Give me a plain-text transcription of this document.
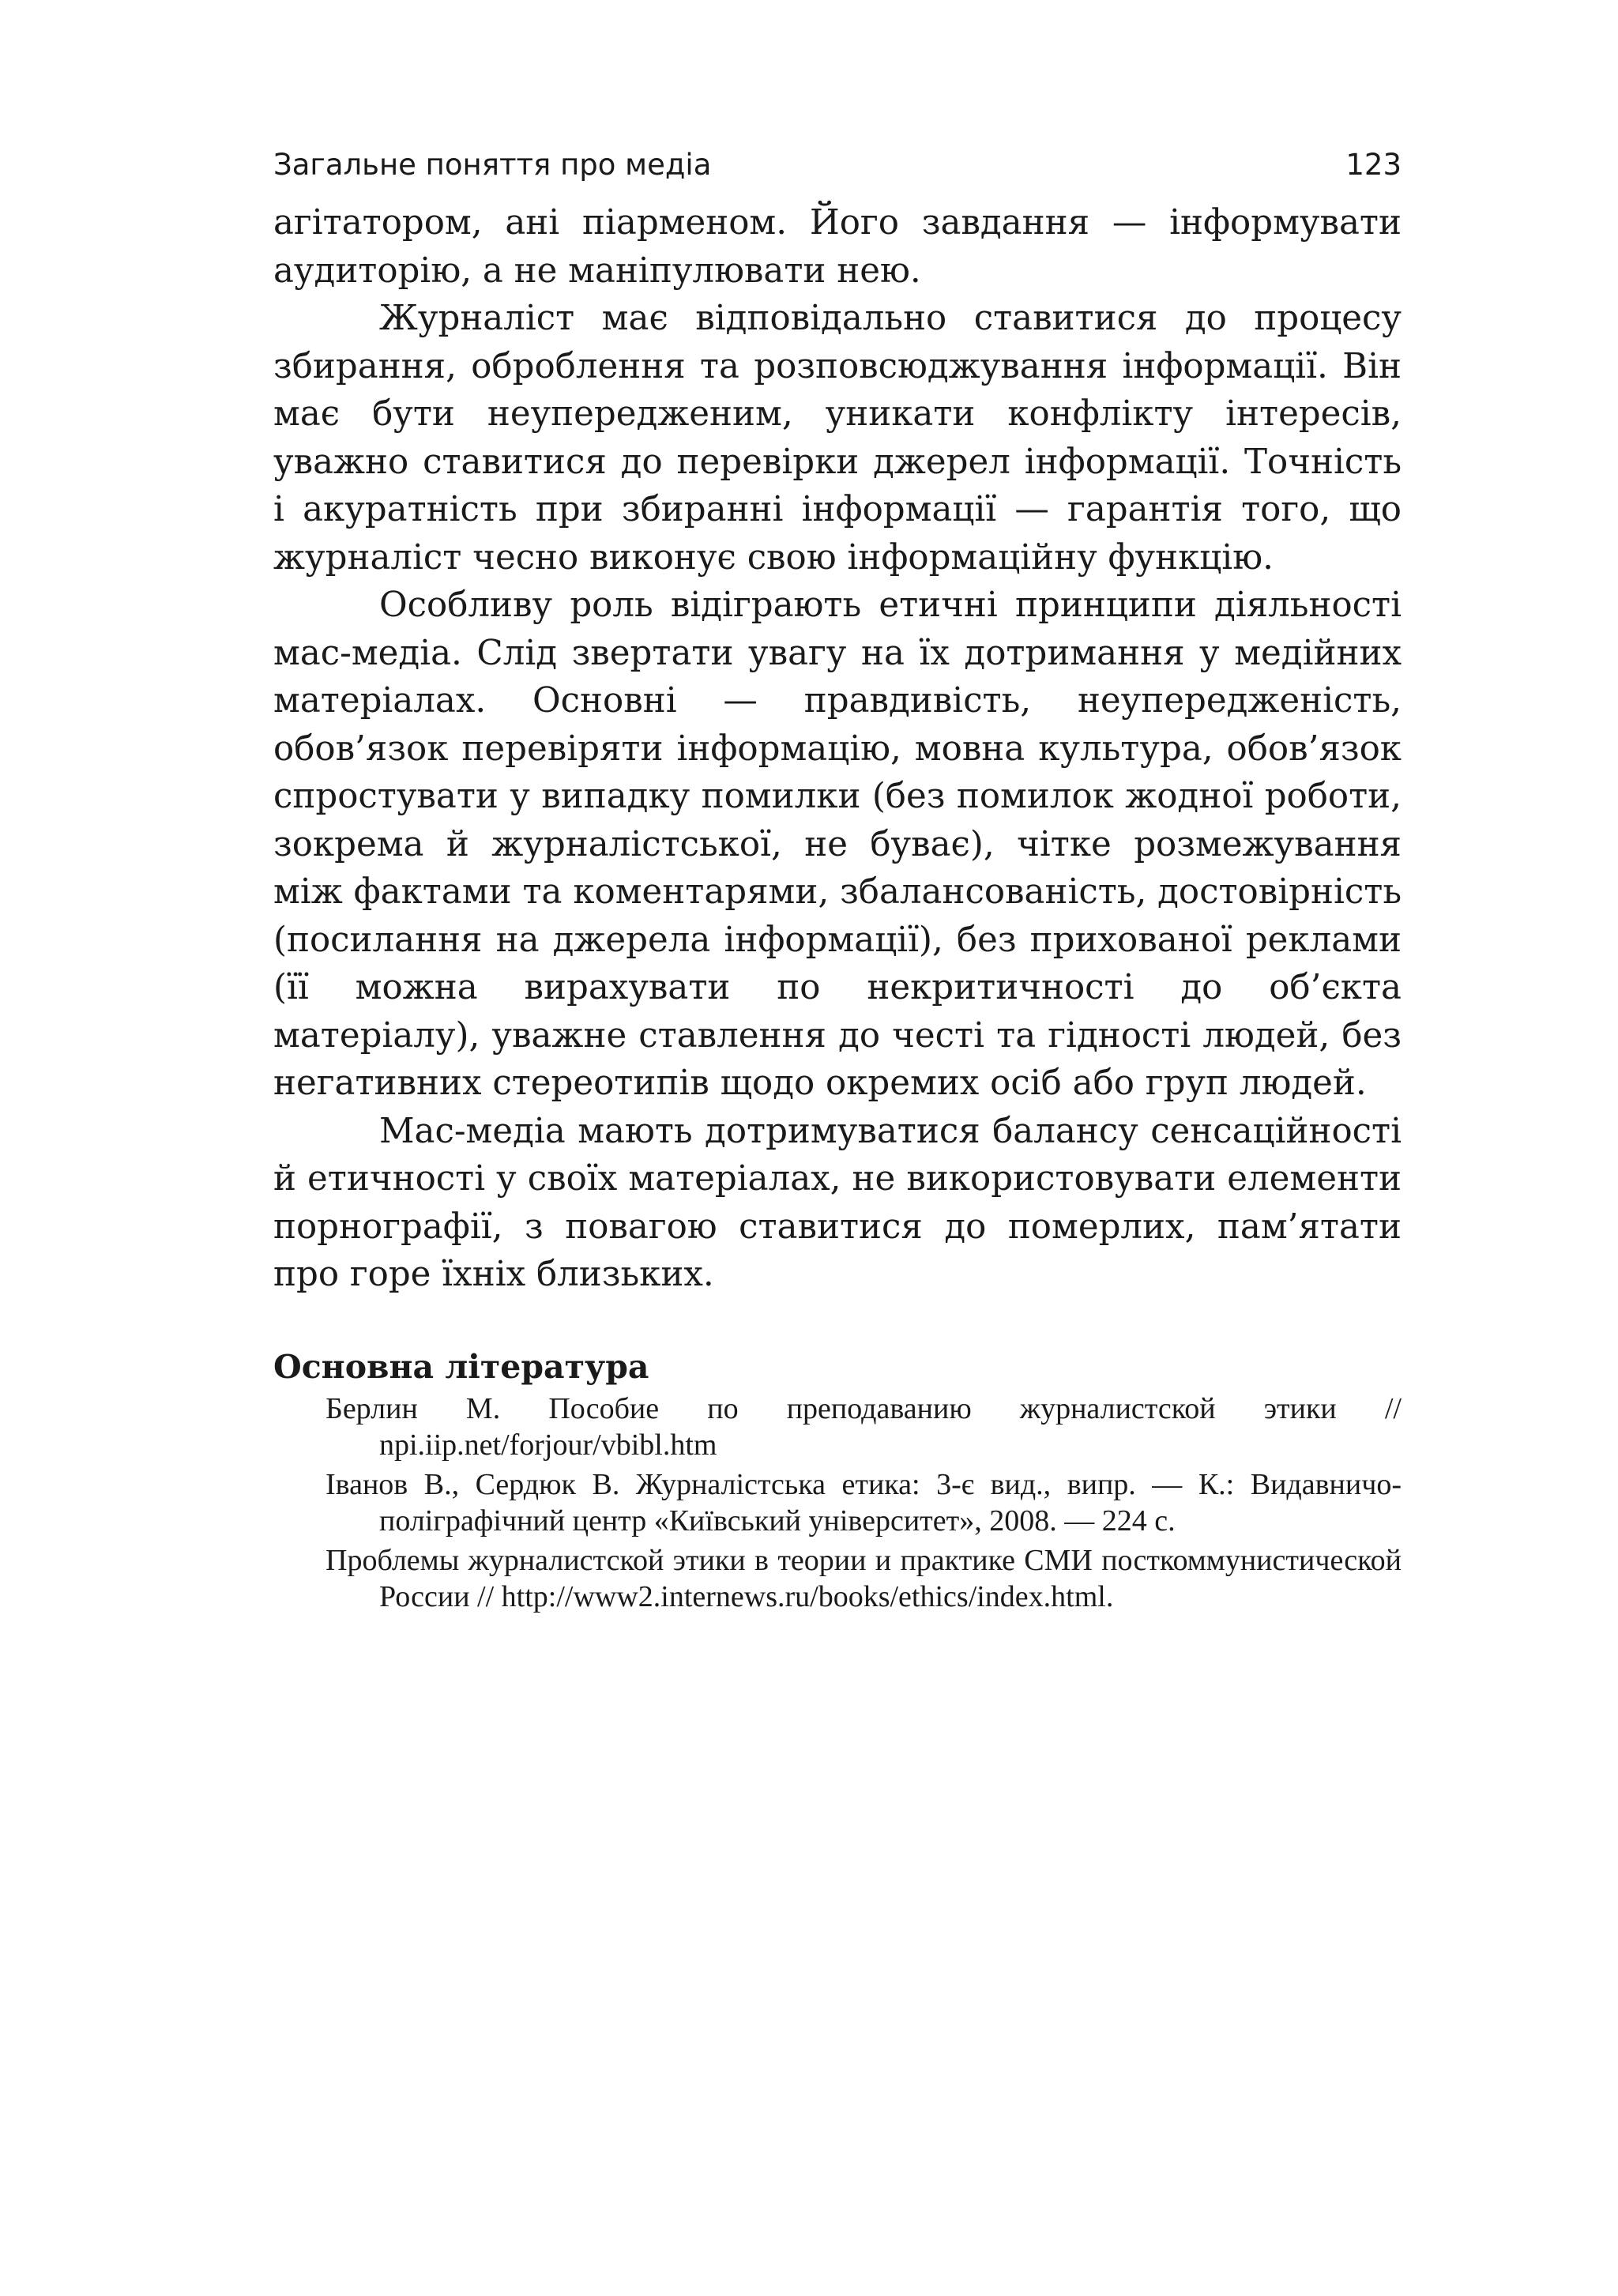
Загальне поняття про медіа	123

агітатором, ані піарменом. Його завдання — інформувати аудиторію, а не маніпулювати нею.

Журналіст має відповідально ставитися до процесу збирання, оброблення та розповсюджування інформації. Він має бути неупередженим, уникати конфлікту інтересів, уважно ставитися до перевірки джерел інформації. Точність і акуратність при збиранні інформації — гарантія того, що журналіст чесно виконує свою інформаційну функцію.

Особливу роль відіграють етичні принципи діяльності мас-медіа. Слід звертати увагу на їх дотримання у медійних матеріалах. Основні — правдивість, неупередженість, обов’язок перевіряти інформацію, мовна культура, обов’язок спростувати у випадку помилки (без помилок жодної роботи, зокрема й журналістської, не буває), чітке розмежування між фактами та коментарями, збалансованість, достовірність (посилання на джерела інформації), без прихованої реклами (її можна вирахувати по некритичності до об’єкта матеріалу), уважне ставлення до честі та гідності людей, без негативних стереотипів щодо окремих осіб або груп людей.

Мас-медіа мають дотримуватися балансу сенсаційності й етичності у своїх матеріалах, не використовувати елементи порнографії, з повагою ставитися до померлих, пам’ятати про горе їхніх близьких.

Основна література
Берлин М. Пособие по преподаванию журналистской этики // npi.iip.net/forjour/vbibl.htm
Іванов В., Сердюк В. Журналістська етика: 3-є вид., випр. — К.: Видавничо-поліграфічний центр «Київський університет», 2008. — 224 с.
Проблемы журналистской этики в теории и практике СМИ посткоммунистической России // http://www2.internews.ru/books/ethics/index.html.
